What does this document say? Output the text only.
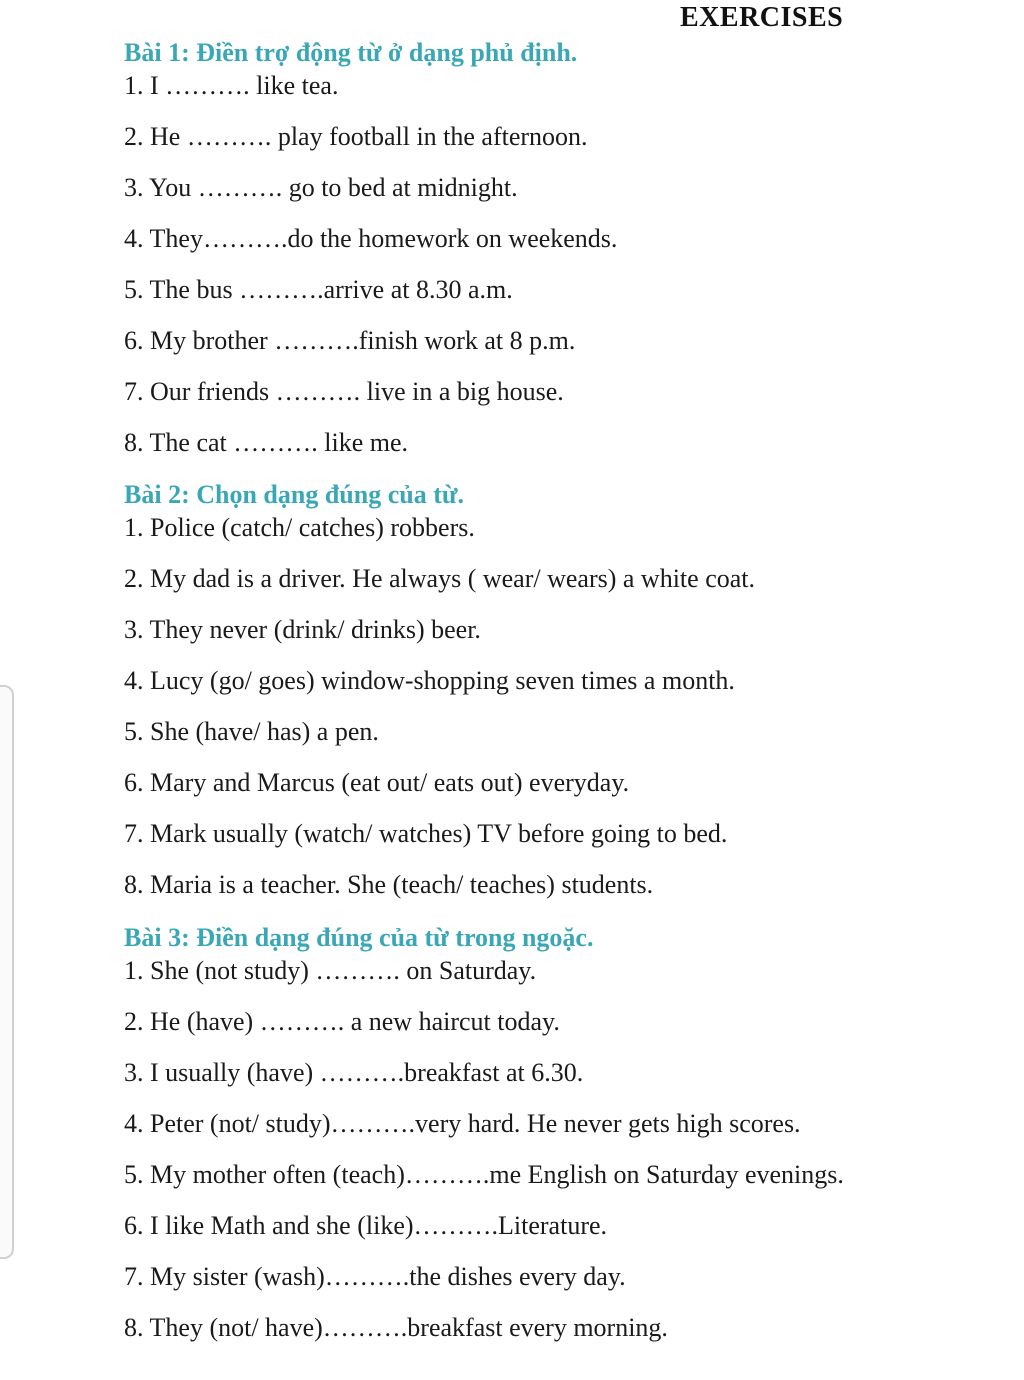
EXERCISES
Bài 1: Điền trợ động từ ở dạng phủ định.
1. I ………. like tea.
2. He ………. play football in the afternoon.
3. You ………. go to bed at midnight.
4. They……….do the homework on weekends.
5. The bus ……….arrive at 8.30 a.m.
6. My brother ……….finish work at 8 p.m.
7. Our friends ………. live in a big house.
8. The cat ………. like me.
Bài 2: Chọn dạng đúng của từ.
1. Police (catch/ catches) robbers.
2. My dad is a driver. He always ( wear/ wears) a white coat.
3. They never (drink/ drinks) beer.
4. Lucy (go/ goes) window-shopping seven times a month.
5. She (have/ has) a pen.
6. Mary and Marcus (eat out/ eats out) everyday.
7. Mark usually (watch/ watches) TV before going to bed.
8. Maria is a teacher. She (teach/ teaches) students.
Bài 3: Điền dạng đúng của từ trong ngoặc.
1. She (not study) ………. on Saturday.
2. He (have) ………. a new haircut today.
3. I usually (have) ……….breakfast at 6.30.
4. Peter (not/ study)……….very hard. He never gets high scores.
5. My mother often (teach)……….me English on Saturday evenings.
6. I like Math and she (like)……….Literature.
7. My sister (wash)……….the dishes every day.
8. They (not/ have)……….breakfast every morning.
